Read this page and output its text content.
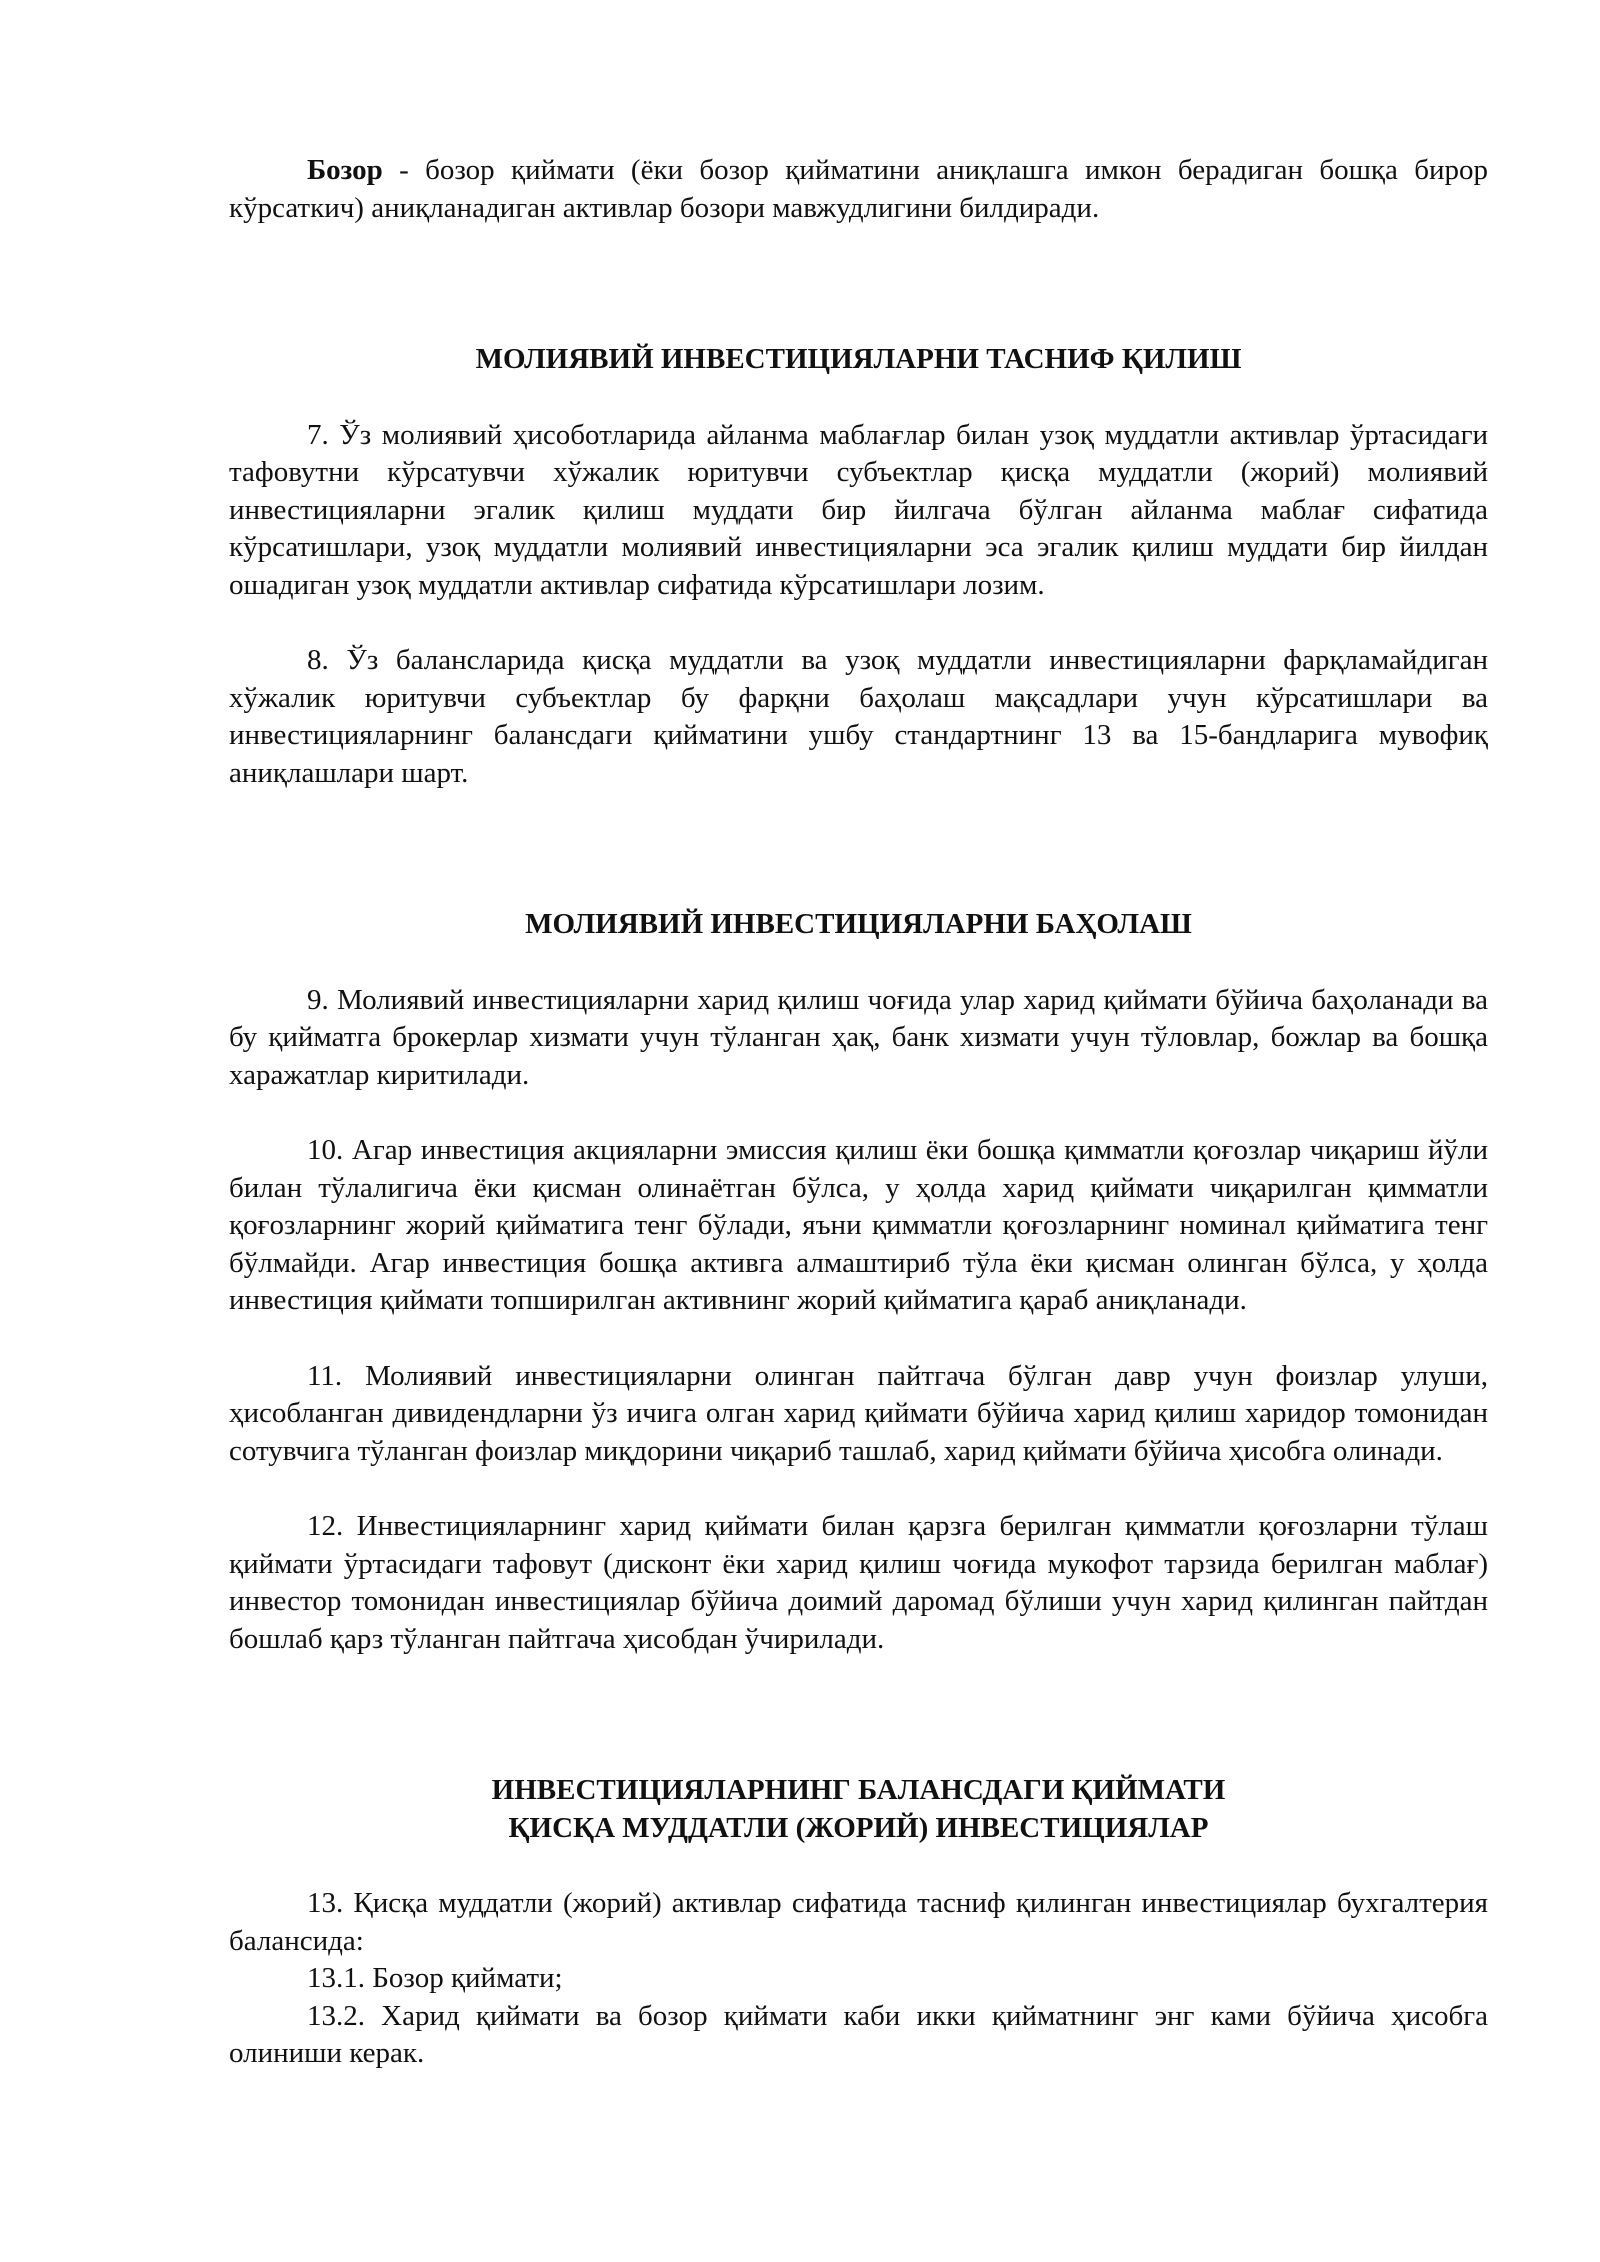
Бозор - бозор қиймати (ёки бозор қийматини аниқлашга имкон берадиган бошқа бирор кўрсаткич) аниқланадиган активлар бозори мавжудлигини билдиради.

МОЛИЯВИЙ ИНВЕСТИЦИЯЛАРНИ ТАСНИФ ҚИЛИШ

7. Ўз молиявий ҳисоботларида айланма маблағлар билан узоқ муддатли активлар ўртасидаги тафовутни кўрсатувчи хўжалик юритувчи субъектлар қисқа муддатли (жорий) молиявий инвестицияларни эгалик қилиш муддати бир йилгача бўлган айланма маблағ сифатида кўрсатишлари, узоқ муддатли молиявий инвестицияларни эса эгалик қилиш муддати бир йилдан ошадиган узоқ муддатли активлар сифатида кўрсатишлари лозим.

8. Ўз балансларида қисқа муддатли ва узоқ муддатли инвестицияларни фарқламайдиган хўжалик юритувчи субъектлар бу фарқни баҳолаш мақсадлари учун кўрсатишлари ва инвестицияларнинг балансдаги қийматини ушбу стандартнинг 13 ва 15-бандларига мувофиқ аниқлашлари шарт.

МОЛИЯВИЙ ИНВЕСТИЦИЯЛАРНИ БАҲОЛАШ

9. Молиявий инвестицияларни харид қилиш чоғида улар харид қиймати бўйича баҳоланади ва бу қийматга брокерлар хизмати учун тўланган ҳақ, банк хизмати учун тўловлар, божлар ва бошқа харажатлар киритилади.

10. Агар инвестиция акцияларни эмиссия қилиш ёки бошқа қимматли қоғозлар чиқариш йўли билан тўлалигича ёки қисман олинаётган бўлса, у ҳолда харид қиймати чиқарилган қимматли қоғозларнинг жорий қийматига тенг бўлади, яъни қимматли қоғозларнинг номинал қийматига тенг бўлмайди. Агар инвестиция бошқа активга алмаштириб тўла ёки қисман олинган бўлса, у ҳолда инвестиция қиймати топширилган активнинг жорий қийматига қараб аниқланади.

11. Молиявий инвестицияларни олинган пайтгача бўлган давр учун фоизлар улуши, ҳисобланган дивидендларни ўз ичига олган харид қиймати бўйича харид қилиш харидор томонидан сотувчига тўланган фоизлар миқдорини чиқариб ташлаб, харид қиймати бўйича ҳисобга олинади.

12. Инвестицияларнинг харид қиймати билан қарзга берилган қимматли қоғозларни тўлаш қиймати ўртасидаги тафовут (дисконт ёки харид қилиш чоғида мукофот тарзида берилган маблағ) инвестор томонидан инвестициялар бўйича доимий даромад бўлиши учун харид қилинган пайтдан бошлаб қарз тўланган пайтгача ҳисобдан ўчирилади.

ИНВЕСТИЦИЯЛАРНИНГ БАЛАНСДАГИ ҚИЙМАТИ

ҚИСҚА МУДДАТЛИ (ЖОРИЙ) ИНВЕСТИЦИЯЛАР

13. Қисқа муддатли (жорий) активлар сифатида тасниф қилинган инвестициялар бухгалтерия балансида:

13.1. Бозор қиймати;

13.2. Харид қиймати ва бозор қиймати каби икки қийматнинг энг ками бўйича ҳисобга олиниши керак.
